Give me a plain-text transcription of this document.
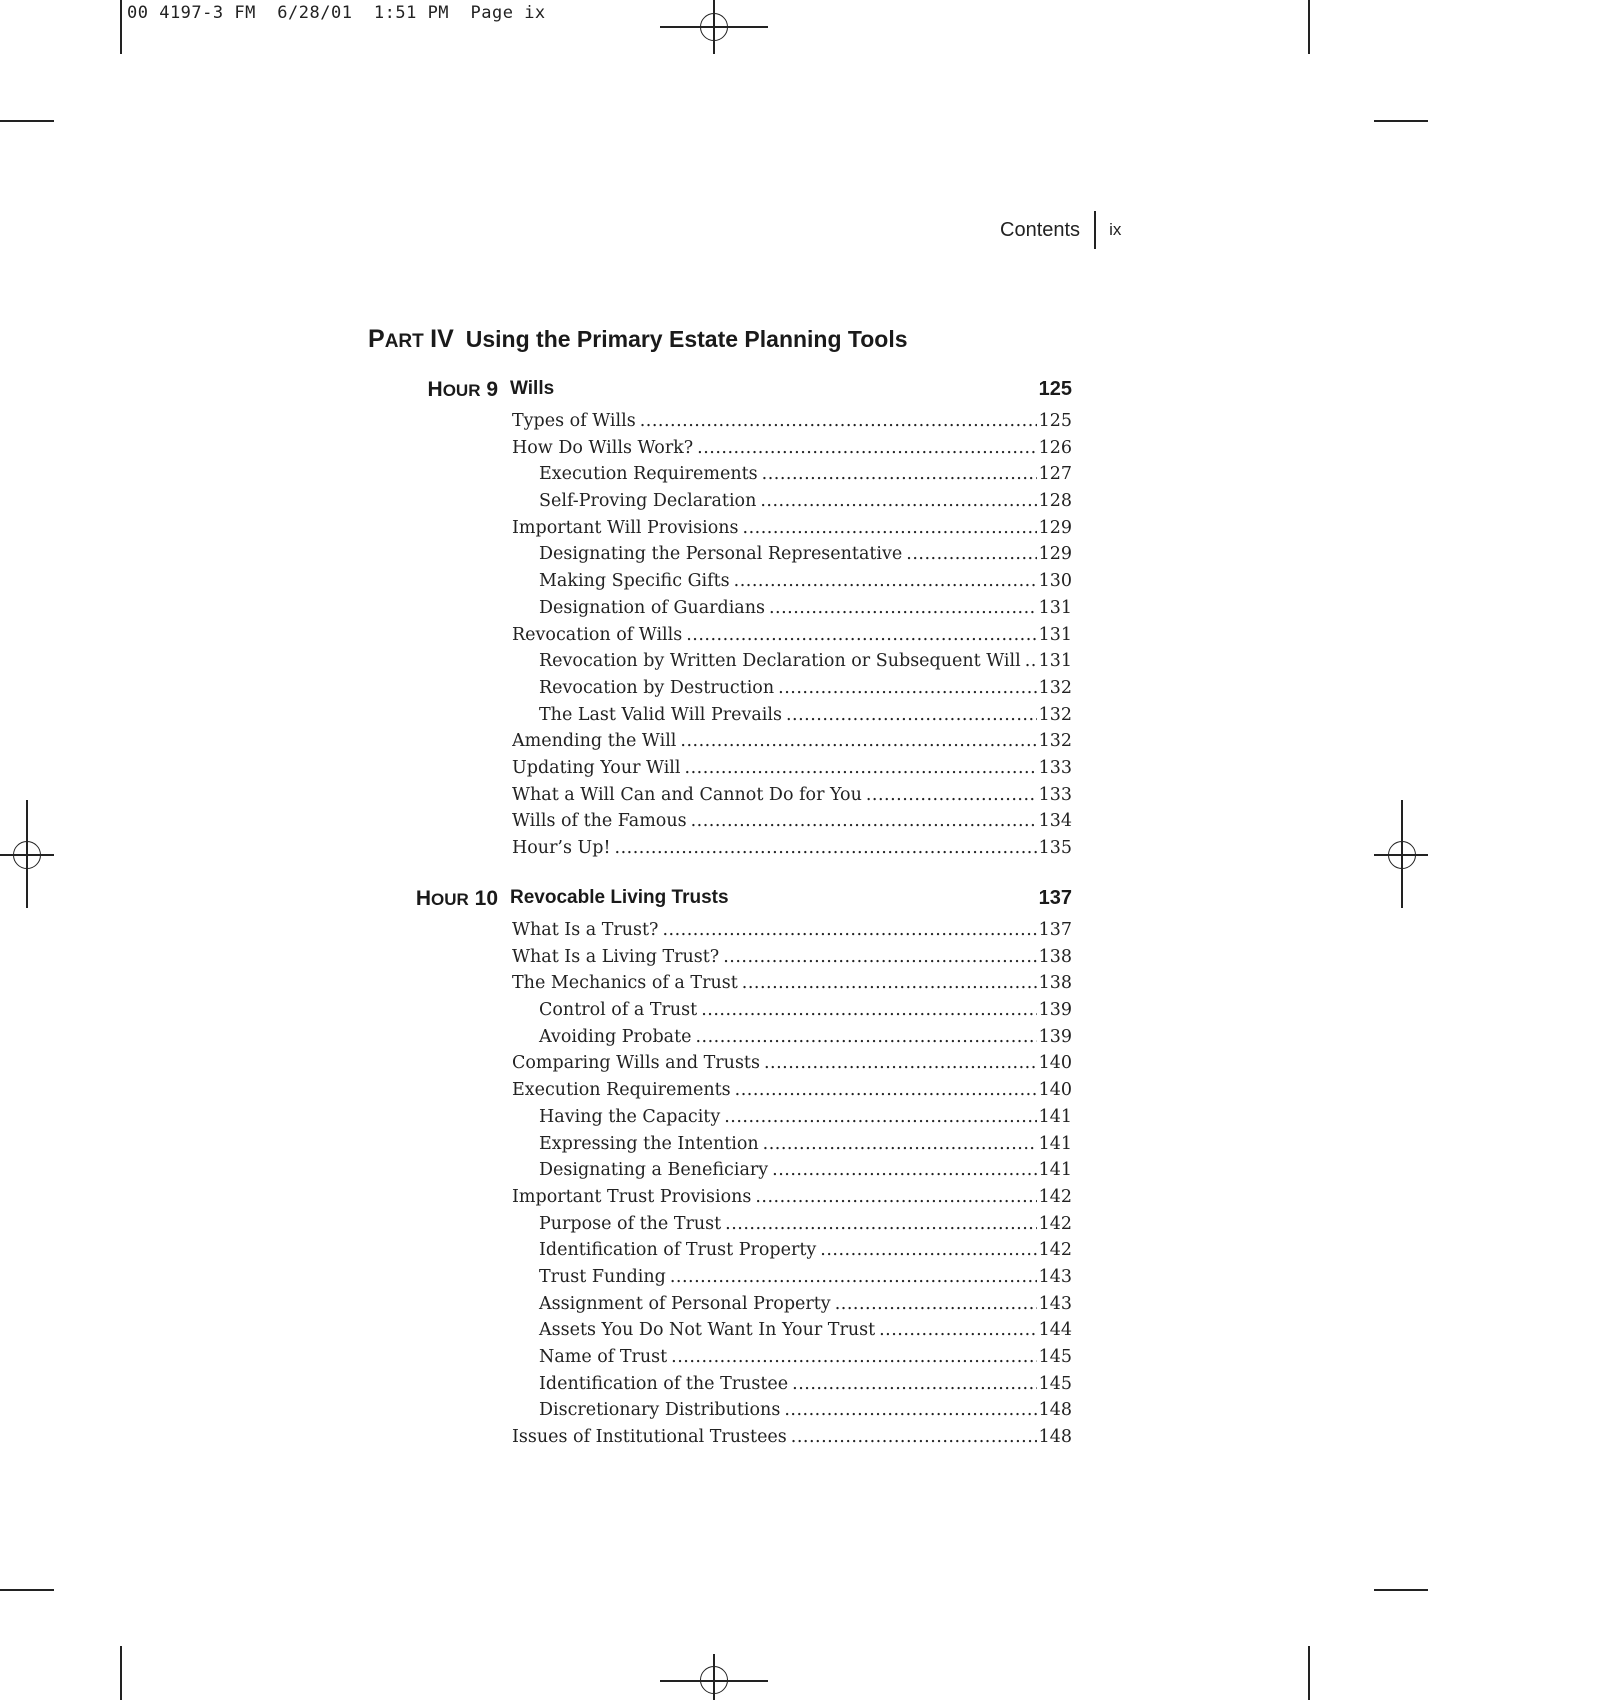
00 4197-3 FM  6/28/01  1:51 PM  Page ix
Contents ix
PART IV Using the Primary Estate Planning Tools
HOUR 9 Wills	125
Types of Wills .....	125
How Do Wills Work? .....	126
Execution Requirements .....	127
Self-Proving Declaration .....	128
Important Will Provisions .....	129
Designating the Personal Representative .....	129
Making Specific Gifts .....	130
Designation of Guardians .....	131
Revocation of Wills .....	131
Revocation by Written Declaration or Subsequent Will ..... 131
Revocation by Destruction .....	132
The Last Valid Will Prevails .....	132
Amending the Will .....	132
Updating Your Will .....	133
What a Will Can and Cannot Do for You .....	133
Wills of the Famous .....	134
Hour’s Up! .....	135
HOUR 10 Revocable Living Trusts	137
What Is a Trust? .....	137
What Is a Living Trust? .....	138
The Mechanics of a Trust .....	138
Control of a Trust .....	139
Avoiding Probate .....	139
Comparing Wills and Trusts .....	140
Execution Requirements .....	140
Having the Capacity .....	141
Expressing the Intention .....	141
Designating a Beneficiary .....	141
Important Trust Provisions .....	142
Purpose of the Trust .....	142
Identification of Trust Property .....	142
Trust Funding .....	143
Assignment of Personal Property .....	143
Assets You Do Not Want In Your Trust .....	144
Name of Trust .....	145
Identification of the Trustee .....	145
Discretionary Distributions .....	148
Issues of Institutional Trustees .....	148
